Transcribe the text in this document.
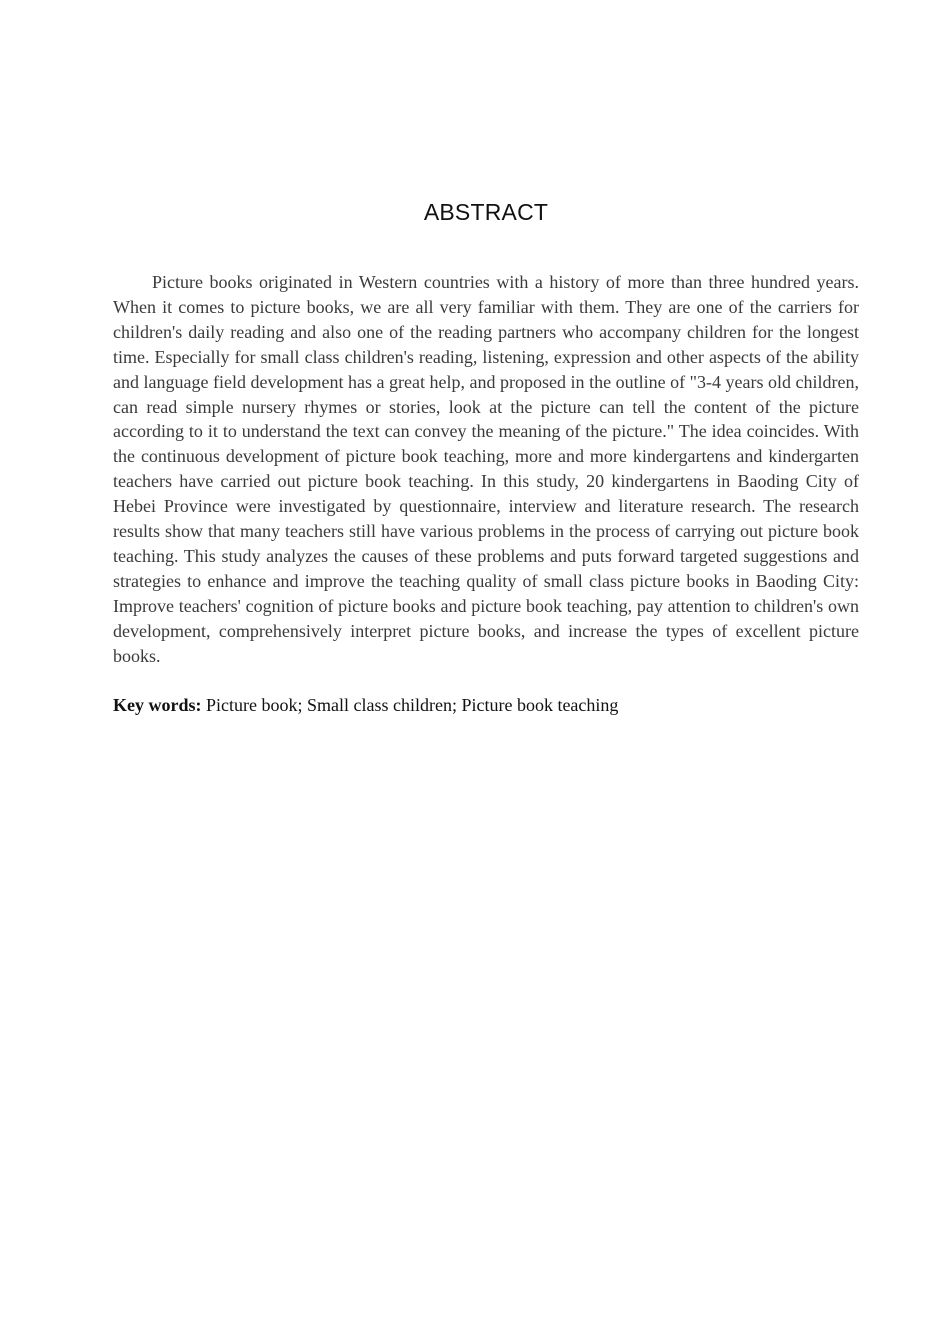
ABSTRACT

Picture books originated in Western countries with a history of more than three hundred years. When it comes to picture books, we are all very familiar with them. They are one of the carriers for children's daily reading and also one of the reading partners who accompany children for the longest time. Especially for small class children's reading, listening, expression and other aspects of the ability and language field development has a great help, and proposed in the outline of "3-4 years old children, can read simple nursery rhymes or stories, look at the picture can tell the content of the picture according to it to understand the text can convey the meaning of the picture." The idea coincides. With the continuous development of picture book teaching, more and more kindergartens and kindergarten teachers have carried out picture book teaching. In this study, 20 kindergartens in Baoding City of Hebei Province were investigated by questionnaire, interview and literature research. The research results show that many teachers still have various problems in the process of carrying out picture book teaching. This study analyzes the causes of these problems and puts forward targeted suggestions and strategies to enhance and improve the teaching quality of small class picture books in Baoding City: Improve teachers' cognition of picture books and picture book teaching, pay attention to children's own development, comprehensively interpret picture books, and increase the types of excellent picture books.

Key words: Picture book; Small class children; Picture book teaching
